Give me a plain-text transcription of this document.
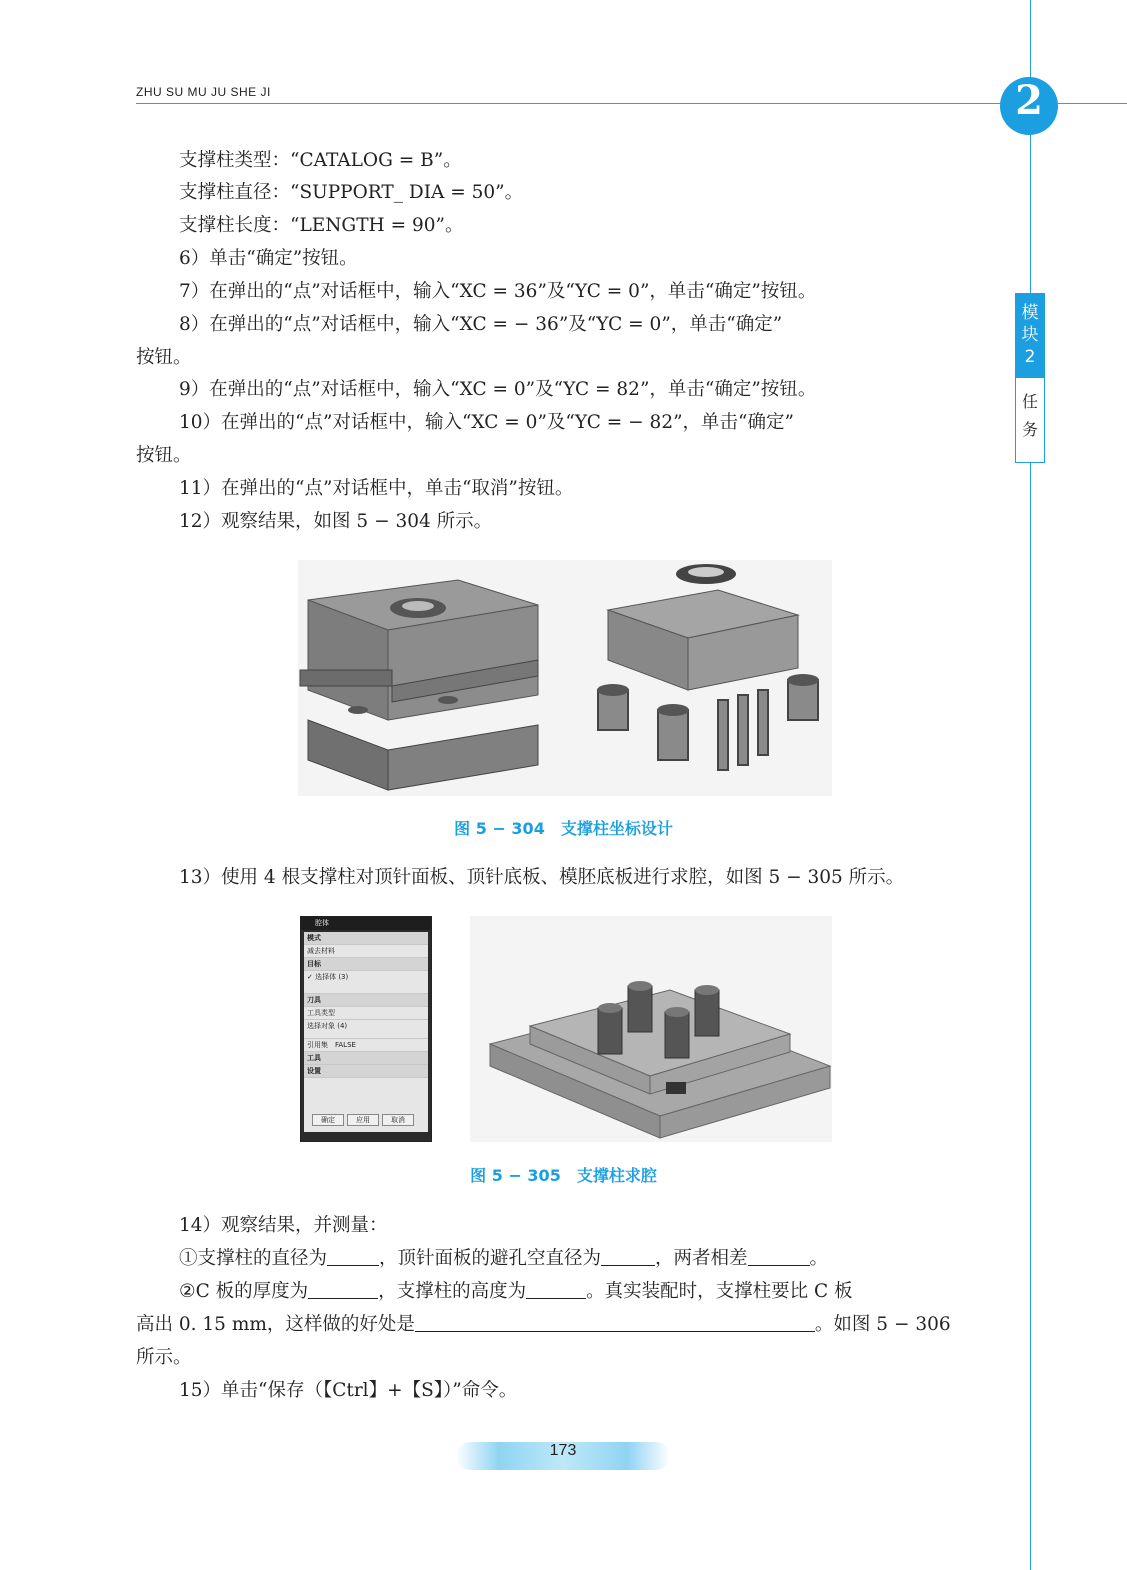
ZHU SU MU JU SHE JI	2
模
块
2
任
务
支撑柱类型：“CATALOG = B”。
支撑柱直径：“SUPPORT_ DIA = 50”。
支撑柱长度：“LENGTH = 90”。
6）单击“确定”按钮。
7）在弹出的“点”对话框中，输入“XC = 36”及“YC = 0”，单击“确定”按钮。
8）在弹出的“点”对话框中，输入“XC = − 36”及“YC = 0”，单击“确定”
按钮。
9）在弹出的“点”对话框中，输入“XC = 0”及“YC = 82”，单击“确定”按钮。
10）在弹出的“点”对话框中，输入“XC = 0”及“YC = − 82”，单击“确定”
按钮。
11）在弹出的“点”对话框中，单击“取消”按钮。
12）观察结果，如图 5 − 304 所示。
图 5 − 304　支撑柱坐标设计
13）使用 4 根支撑柱对顶针面板、顶针底板、模胚底板进行求腔，如图 5 − 305 所示。
腔体
模式
减去材料
目标
✓ 选择体 (3)
刀具
工具类型
选择对象 (4)
引用集　FALSE
工具
设置
确定	应用	取消
图 5 − 305　支撑柱求腔
14）观察结果，并测量：
①支撑柱的直径为	，顶针面板的避孔空直径为	，两者相差	。
②C 板的厚度为	，支撑柱的高度为	。真实装配时，支撑柱要比 C 板
高出 0. 15 mm，这样做的好处是	。如图 5 − 306
所示。
15）单击“保存（【Ctrl】+【S】）”命令。
173
